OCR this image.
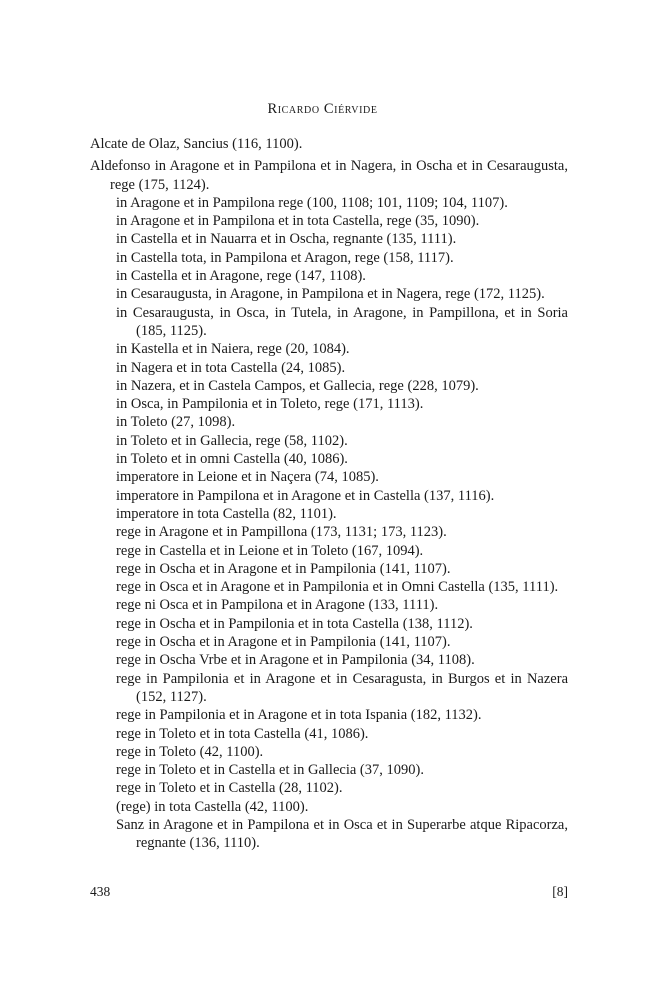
Ricardo Ciérvide
Alcate de Olaz, Sancius (116, 1100).
Aldefonso in Aragone et in Pampilona et in Nagera, in Oscha et in Cesaraugusta, rege (175, 1124).
in Aragone et in Pampilona rege (100, 1108; 101, 1109; 104, 1107).
in Aragone et in Pampilona et in tota Castella, rege (35, 1090).
in Castella et in Nauarra et in Oscha, regnante (135, 1111).
in Castella tota, in Pampilona et Aragon, rege (158, 1117).
in Castella et in Aragone, rege (147, 1108).
in Cesaraugusta, in Aragone, in Pampilona et in Nagera, rege (172, 1125).
in Cesaraugusta, in Osca, in Tutela, in Aragone, in Pampillona, et in Soria (185, 1125).
in Kastella et in Naiera, rege (20, 1084).
in Nagera et in tota Castella (24, 1085).
in Nazera, et in Castela Campos, et Gallecia, rege (228, 1079).
in Osca, in Pampilonia et in Toleto, rege (171, 1113).
in Toleto (27, 1098).
in Toleto et in Gallecia, rege (58, 1102).
in Toleto et in omni Castella (40, 1086).
imperatore in Leione et in Naçera (74, 1085).
imperatore in Pampilona et in Aragone et in Castella (137, 1116).
imperatore in tota Castella (82, 1101).
rege in Aragone et in Pampillona (173, 1131; 173, 1123).
rege in Castella et in Leione et in Toleto (167, 1094).
rege in Oscha et in Aragone et in Pampilonia (141, 1107).
rege in Osca et in Aragone et in Pampilonia et in Omni Castella (135, 1111).
rege ni Osca et in Pampilona et in Aragone (133, 1111).
rege in Oscha et in Pampilonia et in tota Castella (138, 1112).
rege in Oscha et in Aragone et in Pampilonia (141, 1107).
rege in Oscha Vrbe et in Aragone et in Pampilonia (34, 1108).
rege in Pampilonia et in Aragone et in Cesaragusta, in Burgos et in Nazera (152, 1127).
rege in Pampilonia et in Aragone et in tota Ispania (182, 1132).
rege in Toleto et in tota Castella (41, 1086).
rege in Toleto (42, 1100).
rege in Toleto et in Castella et in Gallecia (37, 1090).
rege in Toleto et in Castella (28, 1102).
(rege) in tota Castella (42, 1100).
Sanz in Aragone et in Pampilona et in Osca et in Superarbe atque Ripacorza, regnante (136, 1110).
438	[8]
